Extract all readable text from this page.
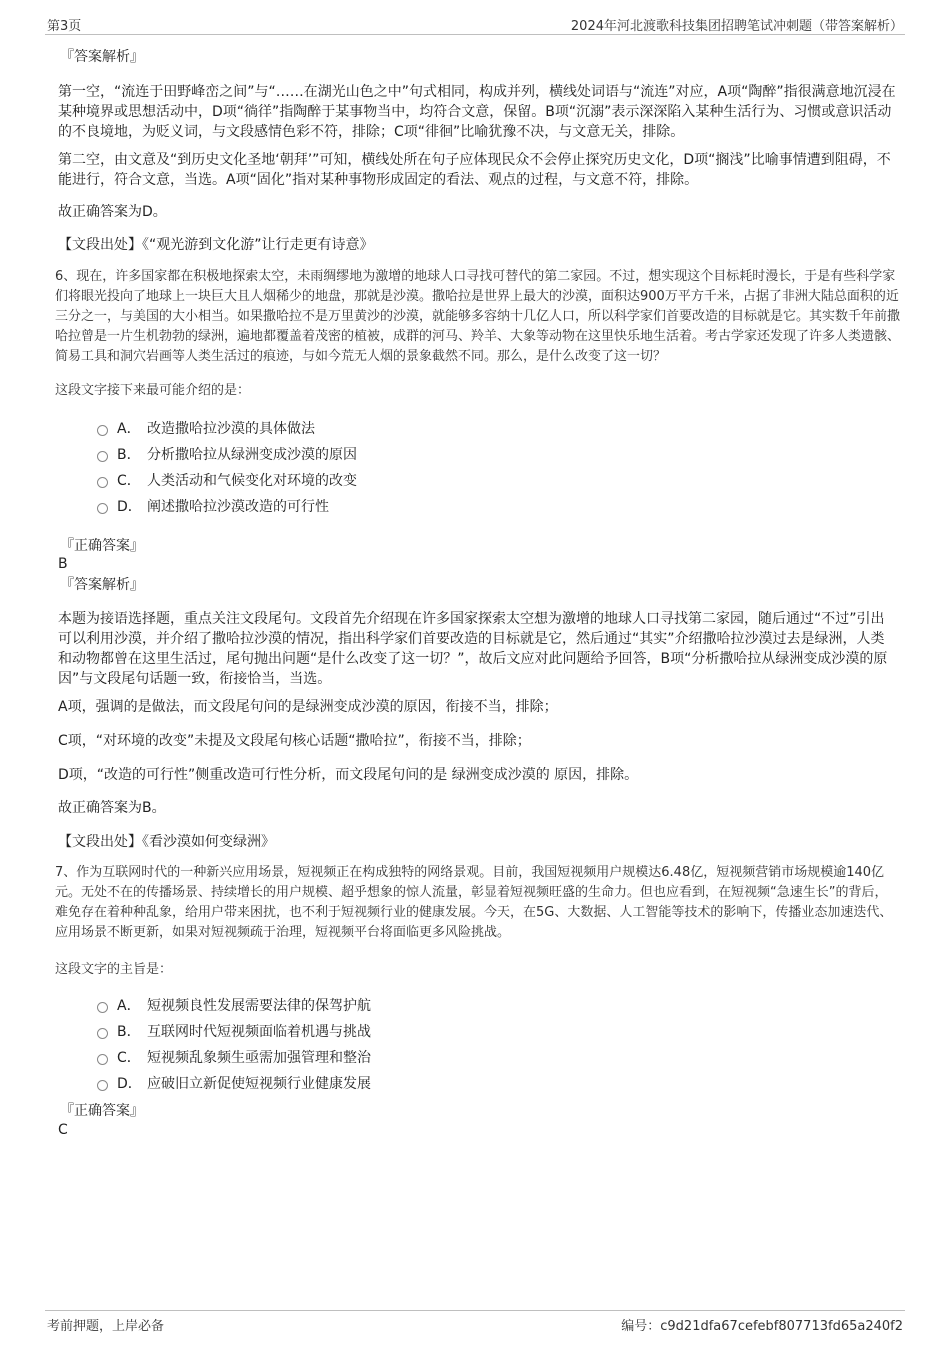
第3页	2024年河北渡歌科技集团招聘笔试冲刺题（带答案解析）
『答案解析』
第一空，“流连于田野峰峦之间”与“……在湖光山色之中”句式相同，构成并列，横线处词语与“流连”对应，A项“陶醉”指很满意地沉浸在某种境界或思想活动中，D项“徜徉”指陶醉于某事物当中，均符合文意，保留。B项“沉溺”表示深深陷入某种生活行为、习惯或意识活动的不良境地，为贬义词，与文段感情色彩不符，排除；C项“徘徊”比喻犹豫不决，与文意无关，排除。
第二空，由文意及“到历史文化圣地‘朝拜’”可知，横线处所在句子应体现民众不会停止探究历史文化，D项“搁浅”比喻事情遭到阻碍，不能进行，符合文意，当选。A项“固化”指对某种事物形成固定的看法、观点的过程，与文意不符，排除。
故正确答案为D。
【文段出处】《“观光游到文化游”让行走更有诗意》
6、现在，许多国家都在积极地探索太空，未雨绸缪地为激增的地球人口寻找可替代的第二家园。不过，想实现这个目标耗时漫长，于是有些科学家们将眼光投向了地球上一块巨大且人烟稀少的地盘，那就是沙漠。撒哈拉是世界上最大的沙漠，面积达900万平方千米，占据了非洲大陆总面积的近三分之一，与美国的大小相当。如果撒哈拉不是万里黄沙的沙漠，就能够多容纳十几亿人口，所以科学家们首要改造的目标就是它。其实数千年前撒哈拉曾是一片生机勃勃的绿洲，遍地都覆盖着茂密的植被，成群的河马、羚羊、大象等动物在这里快乐地生活着。考古学家还发现了许多人类遗骸、简易工具和洞穴岩画等人类生活过的痕迹，与如今荒无人烟的景象截然不同。那么，是什么改变了这一切？
这段文字接下来最可能介绍的是：
A． 改造撒哈拉沙漠的具体做法
B． 分析撒哈拉从绿洲变成沙漠的原因
C． 人类活动和气候变化对环境的改变
D． 阐述撒哈拉沙漠改造的可行性
『正确答案』
B
『答案解析』
本题为接语选择题，重点关注文段尾句。文段首先介绍现在许多国家探索太空想为激增的地球人口寻找第二家园，随后通过“不过”引出可以利用沙漠，并介绍了撒哈拉沙漠的情况，指出科学家们首要改造的目标就是它，然后通过“其实”介绍撒哈拉沙漠过去是绿洲，人类和动物都曾在这里生活过，尾句抛出问题“是什么改变了这一切？”，故后文应对此问题给予回答，B项“分析撒哈拉从绿洲变成沙漠的原因”与文段尾句话题一致，衔接恰当，当选。
A项，强调的是做法，而文段尾句问的是绿洲变成沙漠的原因，衔接不当，排除；
C项，“对环境的改变”未提及文段尾句核心话题“撒哈拉”，衔接不当，排除；
D项，“改造的可行性”侧重改造可行性分析，而文段尾句问的是 绿洲变成沙漠的 原因，排除。
故正确答案为B。
【文段出处】《看沙漠如何变绿洲》
7、作为互联网时代的一种新兴应用场景，短视频正在构成独特的网络景观。目前，我国短视频用户规模达6.48亿，短视频营销市场规模逾140亿元。无处不在的传播场景、持续增长的用户规模、超乎想象的惊人流量，彰显着短视频旺盛的生命力。但也应看到，在短视频“急速生长”的背后，难免存在着种种乱象，给用户带来困扰，也不利于短视频行业的健康发展。今天，在5G、大数据、人工智能等技术的影响下，传播业态加速迭代、应用场景不断更新，如果对短视频疏于治理，短视频平台将面临更多风险挑战。
这段文字的主旨是：
A． 短视频良性发展需要法律的保驾护航
B． 互联网时代短视频面临着机遇与挑战
C． 短视频乱象频生亟需加强管理和整治
D． 应破旧立新促使短视频行业健康发展
『正确答案』
C
考前押题，上岸必备	编号：c9d21dfa67cefebf807713fd65a240f2
